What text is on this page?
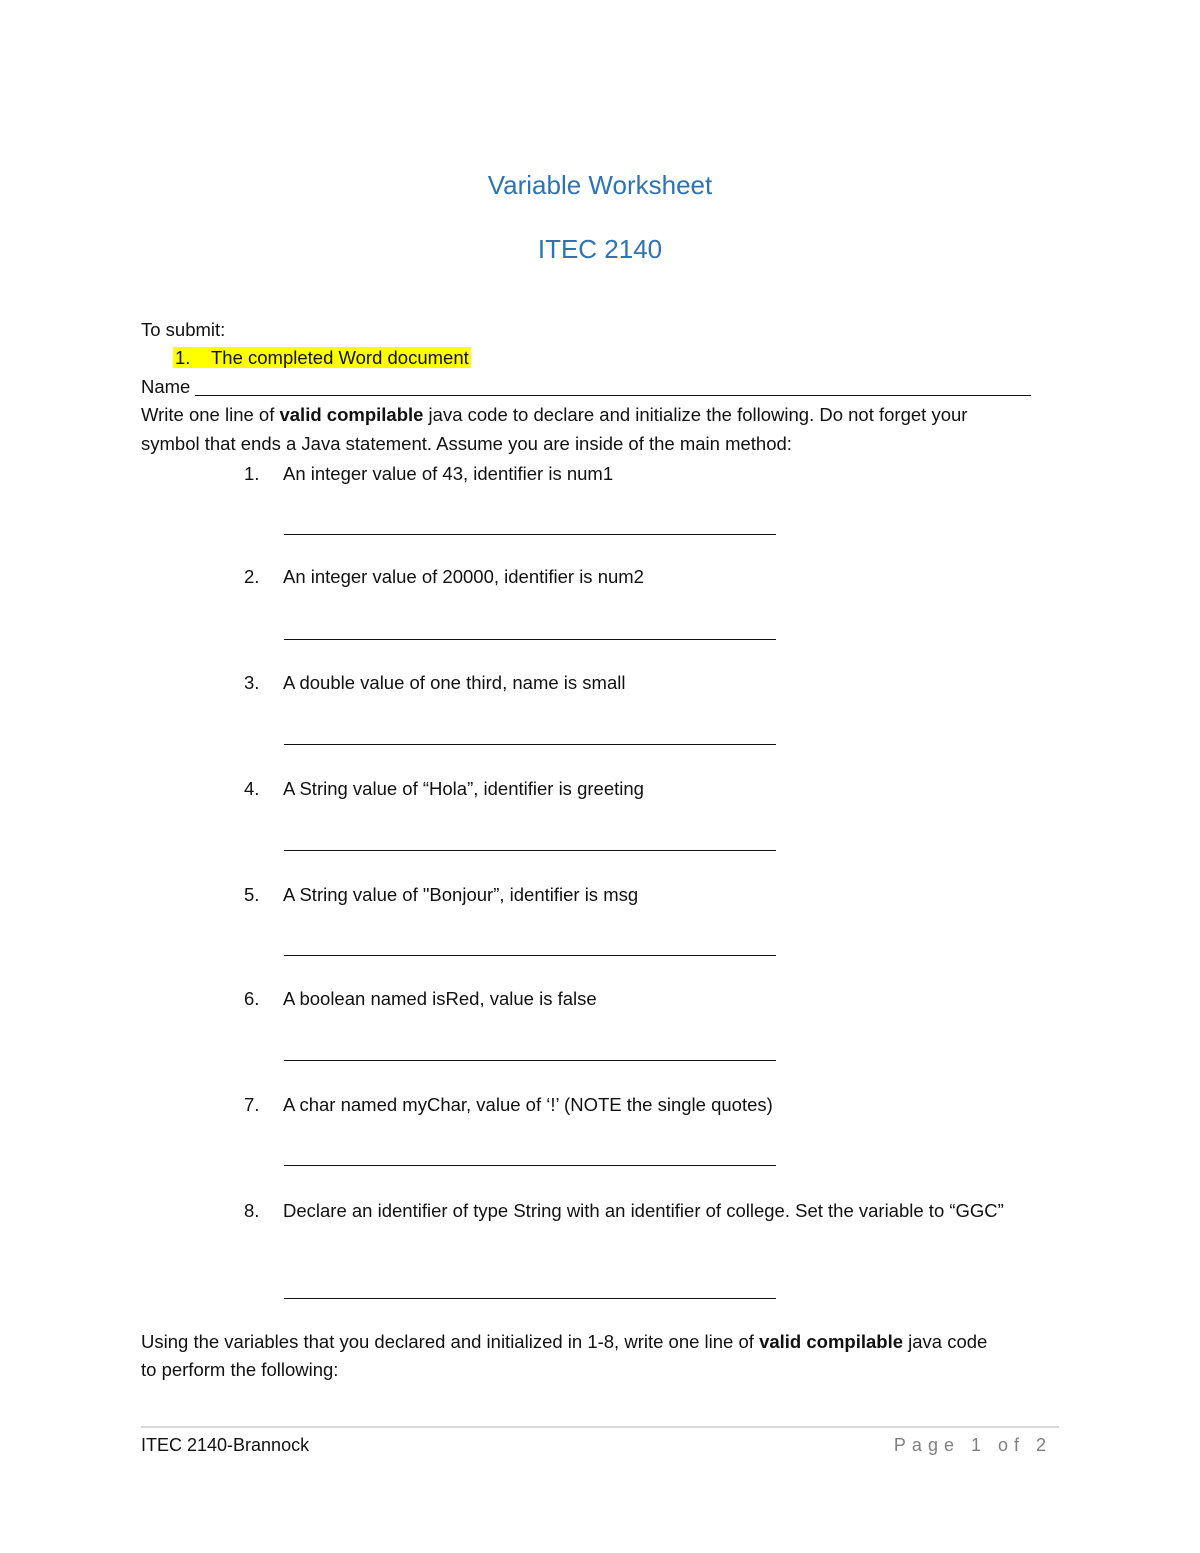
Variable Worksheet
ITEC 2140
To submit:
1. The completed Word document
Name
Write one line of valid compilable java code to declare and initialize the following. Do not forget your
symbol that ends a Java statement. Assume you are inside of the main method:
1. An integer value of 43, identifier is num1
2. An integer value of 20000, identifier is num2
3. A double value of one third, name is small
4. A String value of “Hola”, identifier is greeting
5. A String value of "Bonjour”, identifier is msg
6. A boolean named isRed, value is false
7. A char named myChar, value of ‘!’ (NOTE the single quotes)
8. Declare an identifier of type String with an identifier of college. Set the variable to “GGC”
Using the variables that you declared and initialized in 1-8, write one line of valid compilable java code
to perform the following:
ITEC 2140-Brannock	Page 1 of 2
